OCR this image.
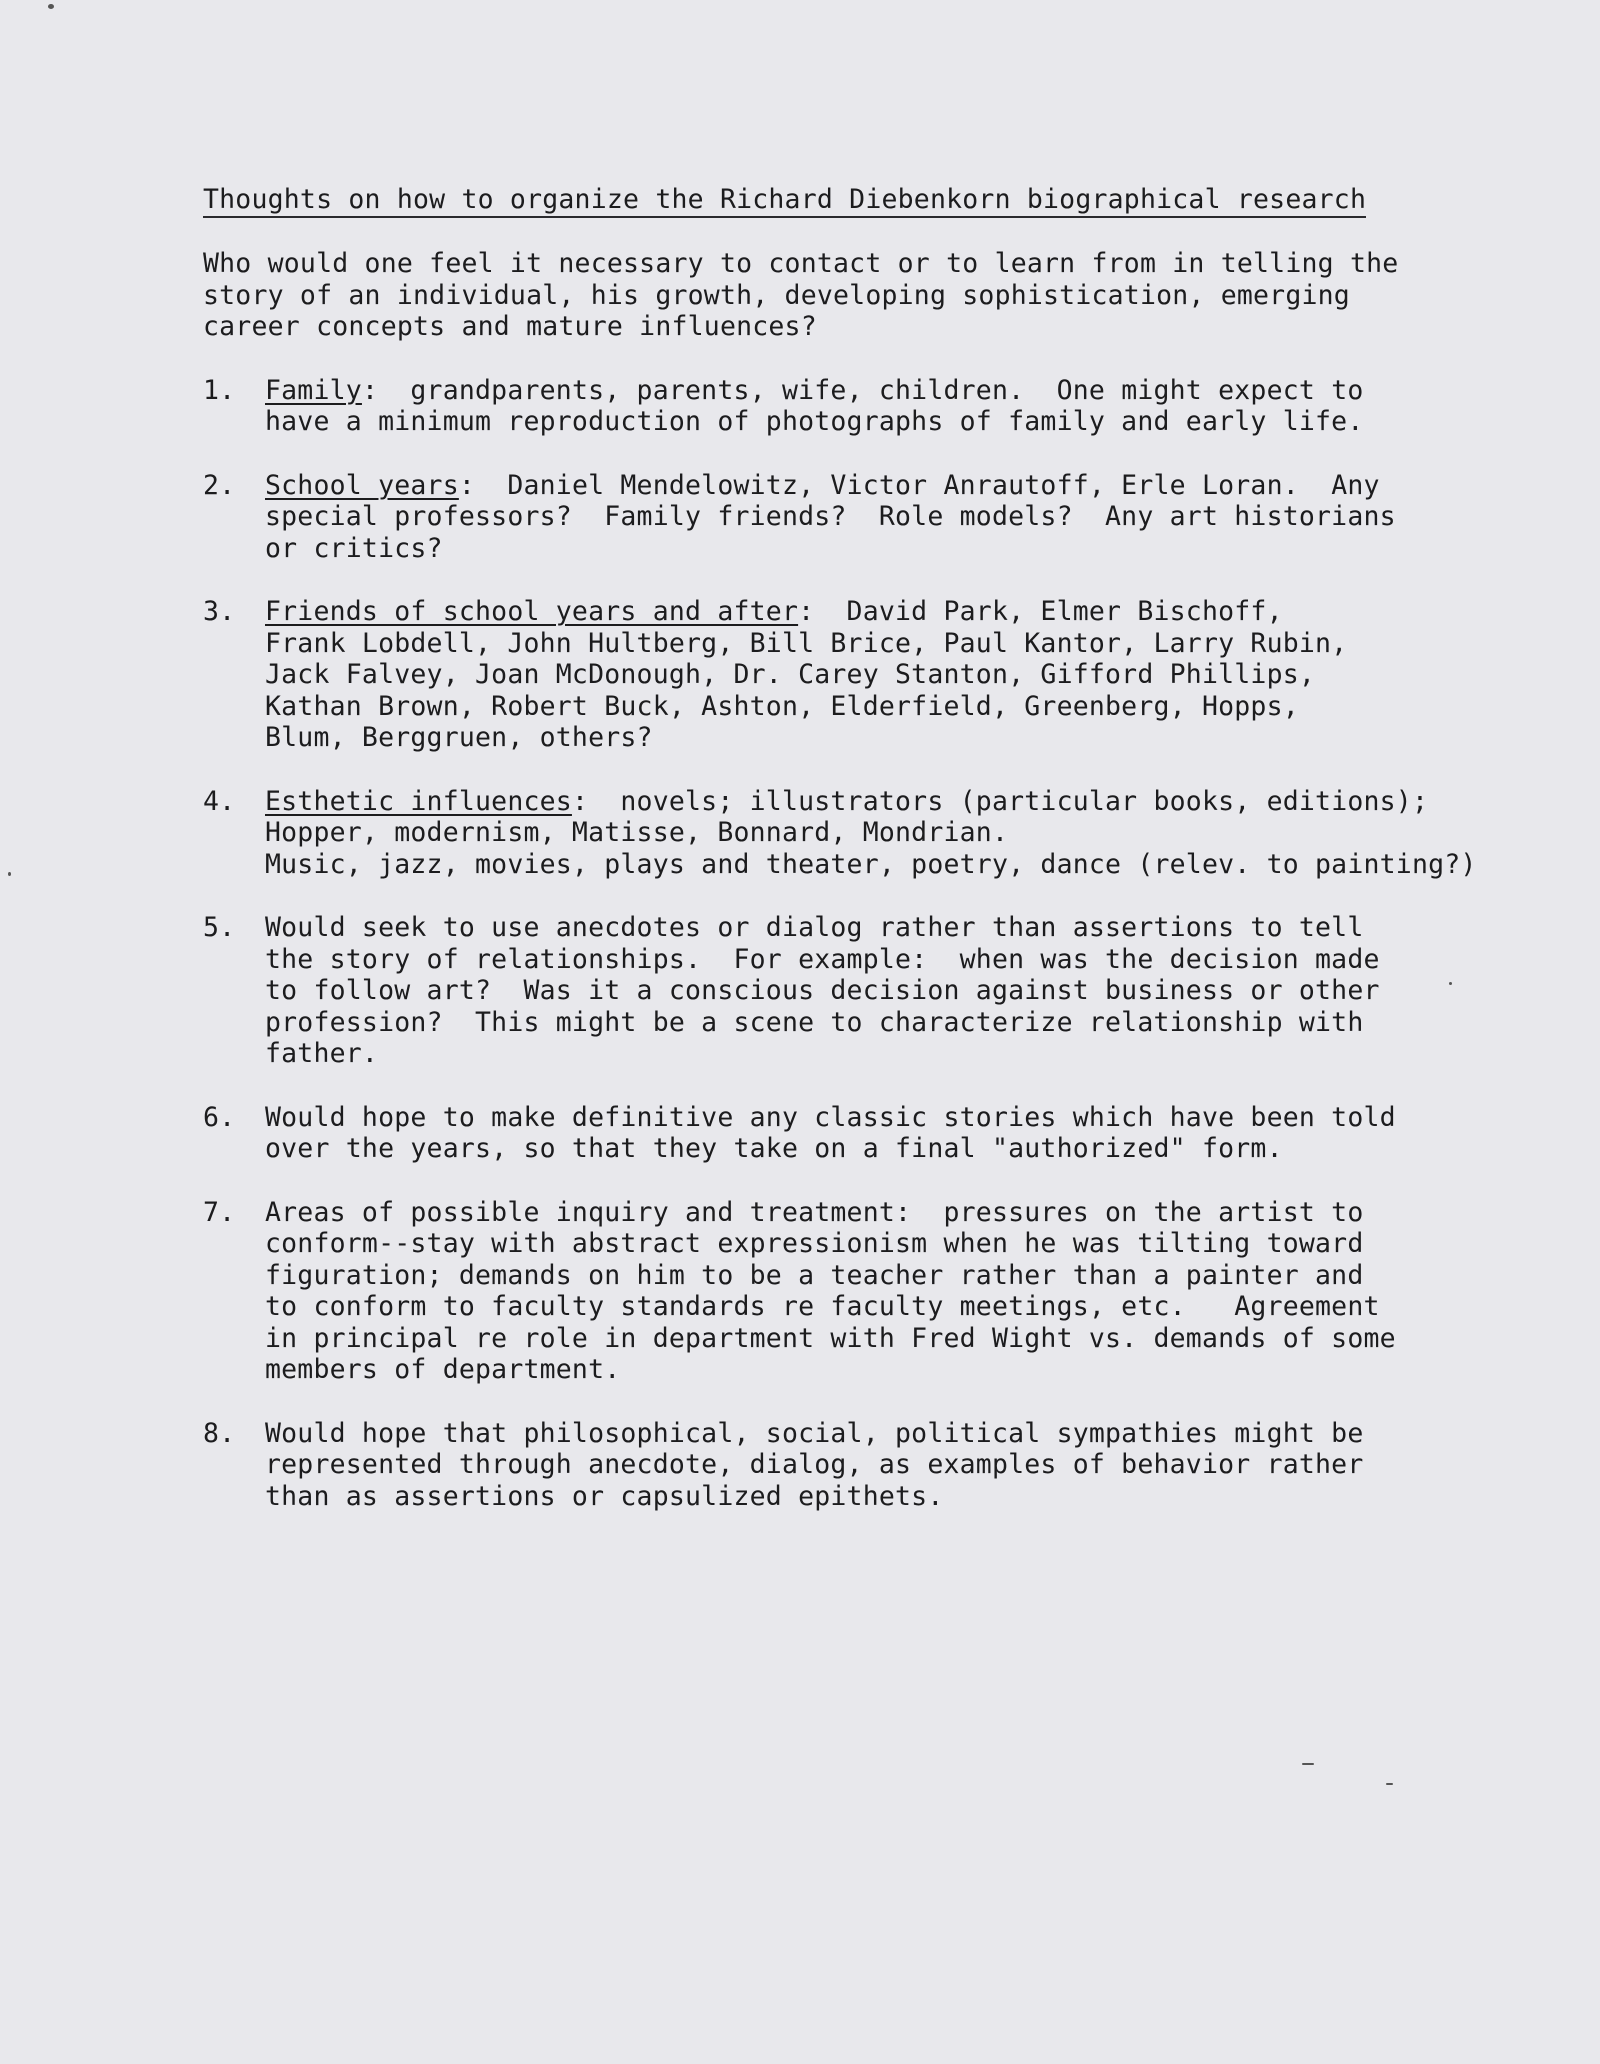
Thoughts on how to organize the Richard Diebenkorn biographical research
Who would one feel it necessary to contact or to learn from in telling the
story of an individual, his growth, developing sophistication, emerging
career concepts and mature influences?
1.	Family:  grandparents, parents, wife, children.  One might expect to
have a minimum reproduction of photographs of family and early life.
2.	School years:  Daniel Mendelowitz, Victor Anrautoff, Erle Loran.  Any
special professors?  Family friends?  Role models?  Any art historians
or critics?
3.	Friends of school years and after:  David Park, Elmer Bischoff,
Frank Lobdell, John Hultberg, Bill Brice, Paul Kantor, Larry Rubin,
Jack Falvey, Joan McDonough, Dr. Carey Stanton, Gifford Phillips,
Kathan Brown, Robert Buck, Ashton, Elderfield, Greenberg, Hopps,
Blum, Berggruen, others?
4.	Esthetic influences:  novels; illustrators (particular books, editions);
Hopper, modernism, Matisse, Bonnard, Mondrian.
Music, jazz, movies, plays and theater, poetry, dance (relev. to painting?)
5.	Would seek to use anecdotes or dialog rather than assertions to tell
the story of relationships.  For example:  when was the decision made
to follow art?  Was it a conscious decision against business or other
profession?  This might be a scene to characterize relationship with
father.
6.	Would hope to make definitive any classic stories which have been told
over the years, so that they take on a final "authorized" form.
7.	Areas of possible inquiry and treatment:  pressures on the artist to
conform--stay with abstract expressionism when he was tilting toward
figuration; demands on him to be a teacher rather than a painter and
to conform to faculty standards re faculty meetings, etc.   Agreement
in principal re role in department with Fred Wight vs. demands of some
members of department.
8.	Would hope that philosophical, social, political sympathies might be
represented through anecdote, dialog, as examples of behavior rather
than as assertions or capsulized epithets.
